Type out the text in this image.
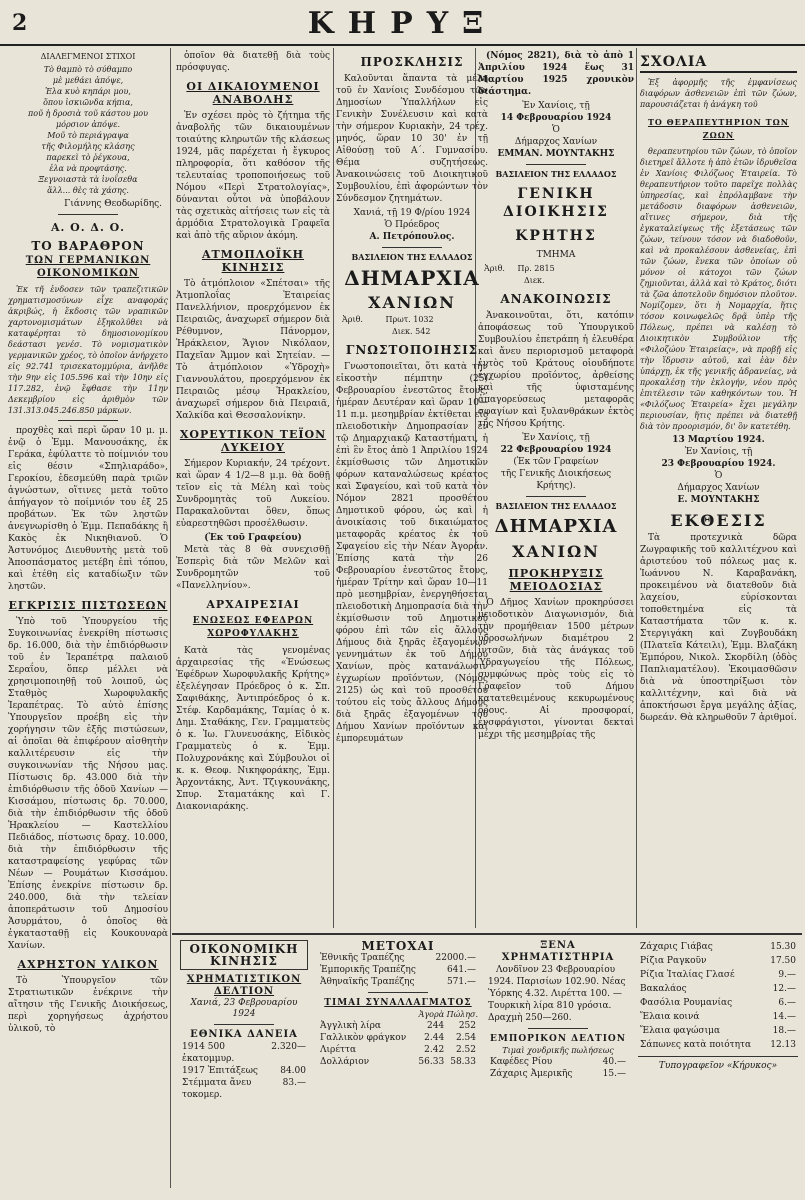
2	ΚΗΡΥΞ
ΔΙΑΛΕΓΜΕΝΟΙ ΣΤΙΧΟΙ
Τὸ θαμπὸ τὸ σύθαμπο
μὲ μεθάει ἀπόψε,
Ἐλα κυὸ κηπάρι μου,
ὅπου ἰσκιῶνδα κήπια,
ποῦ ἡ δροσιὰ τοῦ κάστου μου
μόρσιον ἀπόψε.
Μοῦ τὸ περιάγραψα
τῆς Φιλομήλης κλάσης
παρεκεὶ τὸ ῥέγκουα,
ἐλα νὰ προφτάσης.
Ξεγνοιαστὰ τὰ ἰνοΐσεθα
ἅλλ... θὲς τὰ χάσης.
Γιάννης Θεοδωρίδης.
Α. Ο. Δ. Ο.
ΤΟ ΒΑΡΑΘΡΟΝ
ΤΩΝ ΓΕΡΜΑΝΙΚΩΝ ΟΙΚΟΝΟΜΙΚΩΝ

Ἐκ τῆ ἐνδοσεν τῶν τραπεζιτικῶν χρηματισμοσύνων εἶχε αναφοράς ἀκριβώς, ἡ ἔκδοσις τῶν νραπικῶν χαρτονομισμάτων ἐξηκολῦθει νὰ καταφέρηται τὸ δημοσιονομίκου δεάστασι γενέσ. Τὸ νομισματικὸν γερμανικῶν χρέος, τὸ ὁποῖον ἀνήρχετο εἰς 92.741 τρισεκατομμύρια, ἀνῆλθε τὴν 9ην εἰς 105.596 καὶ τὴν 10ην εἰς 117.282, ἐνῷ ἔφθασε τὴν 11ην Δεκεμβρίου εἰς ἀριθμὸν τῶν 131.313.045.246.850 μάρκων.

προχθὲς καὶ περὶ ὥραν 10 μ. μ. ἐνῷ ὁ Ἐμμ. Μανουσάκης, ἐκ Γεράκα, ἐφύλαττε τὸ ποίμνιόν του εἰς θέσιν «Σπηλιαράδο», Γεροκίου, ἐδεσμεύθη παρὰ τριῶν ἀγνώστων, οἵτινες μετὰ τοῦτο ἀπήγαγον τὸ ποίμνιόν του ἐξ 25 προβάτων. Ἐκ τῶν ληστῶν ἀνεγνωρίσθη ὁ Ἐμμ. Πεπαδάκης ἢ Κακὸς ἐκ Νικηθιανοῦ. Ὁ Ἀστυνόμος Διευθυντὴς μετὰ τοῦ Ἀποσπάσματος μετέβη ἐπὶ τόπου, καὶ ἐτέθη εἰς καταδίωξιν τῶν ληστῶν.

ΕΓΚΡΙΣΙΣ ΠΙΣΤΩΣΕΩΝ

Ὑπὸ τοῦ Ὑπουργείου τῆς Συγκοινωνίας ἐνεκρίθη πίστωσις δρ. 16.000, διὰ τὴν ἐπιδιόρθωσιν τοῦ ἐν Ἱεραπέτρᾳ παλαιοῦ Σεραΐου, ὅπερ μέλλει νὰ χρησιμοποιηθῇ τοῦ λοιποῦ, ὡς Σταθμὸς Χωροφυλακῆς Ἱεραπέτρας. Τὸ αὐτὸ ἐπίσης Ὑπουργεῖον προέβη εἰς τὴν χορήγησιν τῶν ἑξῆς πιστώσεων, αἱ ὁποῖαι θὰ ἐπιφέρουν αἰσθητὴν καλλιτέρευσιν εἰς τὴν συγκοινωνίαν τῆς Νήσου μας. Πίστωσις δρ. 43.000 διὰ τὴν ἐπιδιόρθωσιν τῆς ὁδοῦ Χανίων — Κισσάμου, πίστωσις δρ. 70.000, διὰ τὴν ἐπιδιόρθωσιν τῆς ὁδοῦ Ἡρακλείου — Καστελλίου Πεδιάδος, πίστωσις δραχ. 10.000, διὰ τὴν ἐπιδιόρθωσιν τῆς καταστραφείσης γεφύρας τῶν Νέων — Ρουμάτων Κισσάμου. Ἐπίσης ἐνεκρίνε πίστωσιν δρ. 240.000, διὰ τὴν τελείαν ἀποπεράτωσιν τοῦ Δημοσίου Ἀσυρμάτου, ὁ ὁποῖος θὰ ἐγκατασταθῇ εἰς Κουκουναρὰ Χανίων.

ΑΧΡΗΣΤΟΝ ΥΛΙΚΟΝ

Τὸ Ὑπουργεῖον τῶν Στρατιωτικῶν ἐνέκρινε τὴν αἴτησιν τῆς Γενικῆς Διοικήσεως, περὶ χορηγήσεως ἀχρήστου ὑλικοῦ, τὸ

ὁποῖον θὰ διατεθῇ διὰ τοὺς πρόσφυγας.

ΟΙ ΔΙΚΑΙΟΥΜΕΝΟΙ ΑΝΑΒΟΛΗΣ

Ἐν σχέσει πρὸς τὸ ζήτημα τῆς ἀναβολῆς τῶν δικαιουμένων τοιαύτης κληρωτῶν τῆς κλάσεως 1924, μᾶς παρέχεται ἡ ἔγκυρος πληροφορία, ὅτι καθόσον τῆς τελευταίας τροποποιήσεως τοῦ Νόμου «Περὶ Στρατολογίας», δύνανται οὗτοι νὰ ὑποβάλουν τὰς σχετικὰς αἰτήσεις των εἰς τὰ ἁρμόδια Στρατολογικὰ Γραφεῖα καὶ ἀπὸ τῆς αὔριον ἀκόμη.

ΑΤΜΟΠΛΟΪΚΗ ΚΙΝΗΣΙΣ

Τὸ ἀτμόπλοιον «Σπέτσαι» τῆς Ἀτμοπλοΐας Ἑταιρείας Πανελλήνιον, προερχόμενον ἐκ Πειραιῶς, ἀναχωρεῖ σήμερον διὰ Ρέθυμνον, Πάνορμον, Ἡράκλειον, Ἅγιον Νικόλαον, Παχεῖαν Ἄμμον καὶ Σητείαν. — Τὸ ἀτμόπλοιον «Ὑδροχὴ» Γιαννουλάτου, προερχόμενον ἐκ Πειραιῶς μέσῳ Ἡρακλείου, ἀναχωρεῖ σήμερον διὰ Πειραιᾶ, Χαλκίδα καὶ Θεσσαλονίκην.

ΧΟΡΕΥΤΙΚΟΝ ΤΕΪΟΝ ΛΥΚΕΙΟΥ

Σήμερον Κυριακήν, 24 τρέχοντ. καὶ ὥραν 4 1/2—8 μ.μ. θὰ δοθῇ τεῖον εἰς τὰ Μέλη καὶ τοὺς Συνδρομητὰς τοῦ Λυκείου. Παρακαλοῦνται ὅθεν, ὅπως εὐαρεστηθῶσι προσέλθωσιν.

(Ἐκ τοῦ Γραφείου)

Μετὰ τὰς 8 θὰ συνεχισθῇ Ἐσπερὶς διὰ τῶν Μελῶν καὶ Συνδρομητῶν τοῦ «Πανελληνίου».

ΑΡΧΑΙΡΕΣΙΑΙ
ΕΝΩΣΕΩΣ ΕΦΕΔΡΩΝ ΧΩΡΟΦΥΛΑΚΗΣ

Κατὰ τὰς γενομένας ἀρχαιρεσίας τῆς «Ἑνώσεως Ἐφέδρων Χωροφυλακῆς Κρήτης» ἐξελέγησαν Πρόεδρος ὁ κ. Σπ. Σαφιθάκης, Ἀντιπρόεδρος ὁ κ. Στέφ. Καρδαμάκης, Ταμίας ὁ κ. Δημ. Σταθάκης, Γεν. Γραμματεὺς ὁ κ. Ἰω. Γλυνευσάκης, Εἰδικὸς Γραμματεὺς ὁ κ. Ἐμμ. Πολυχρονάκης καὶ Σύμβουλοι οἱ κ. κ. Θεοφ. Νικηφοράκης, Ἐμμ. Ἀρχοντάκης, Ἀντ. Τζιγκουνάκης, Σπυρ. Σταματάκης καὶ Γ. Διακονιαράκης.

ΠΡΟΣΚΛΗΣΙΣ

Καλοῦνται ἅπαντα τὰ μέλη τοῦ ἐν Χανίοις Συνδέσμου τῶν Δημοσίων Ὑπαλλήλων εἰς Γενικὴν Συνέλευσιν καὶ κατὰ τὴν σήμερον Κυριακὴν, 24 τρέχ. μηνός, ὥραν 10 30' ἐν τῇ Αἰθούσῃ τοῦ Α΄. Γυμνασίου. Θέμα συζητήσεως. Ἀνακοινώσεις τοῦ Διοικητικοῦ Συμβουλίου, ἐπὶ ἀφορώντων τὸν Σύνδεσμον ζητημάτων.

Χανιά, τῇ 19 Φ/ρίου 1924
Ὁ Πρόεδρος
Α. Πετρόπουλος.
ΒΑΣΙΛΕΙΟΝ ΤΗΣ ΕΛΛΑΔΟΣ
ΔΗΜΑΡΧΙΑ
ΧΑΝΙΩΝ
Ἀριθ.	Πρωτ. 1032
Διεκ. 542
ΓΝΩΣΤΟΠΟΙΗΣΙΣ

Γνωστοποιεῖται, ὅτι κατὰ τὴν εἰκοστὴν πέμπτην (25) Φεβρουαρίου ἐνεστῶτος ἔτους, ἡμέραν Δευτέραν καὶ ὥραν 10—11 π.μ. μεσημβρίαν ἐκτίθεται εἰς πλειοδοτικὴν Δημοπρασίαν ἐν τῷ Δημαρχιακῷ Καταστήματι, ἡ ἐπὶ ἓν ἔτος ἀπὸ 1 Ἀπριλίου 1924 ἐκμίσθωσις τῶν Δημοτικῶν φόρων καταναλώσεως κρέατος καὶ Σφαγείου, καὶ τοῦ κατὰ τὸν Νόμον 2821 προσθέτου Δημοτικοῦ φόρου, ὡς καὶ ἡ ἀνοικίασις τοῦ δικαιώματος μεταφορᾶς κρέατος ἐκ τοῦ Σφαγείου εἰς τὴν Νέαν Ἀγοράν. Ἐπίσης κατὰ τὴν 26 Φεβρουαρίου ἐνεστῶτος ἔτους, ἡμέραν Τρίτην καὶ ὥραν 10—11 πρὸ μεσημβρίαν, ἐνεργηθήσεται πλειοδοτικὴ Δημοπρασία διὰ τὴν ἐκμίσθωσιν τοῦ Δημοτικοῦ φόρου ἐπὶ τῶν εἰς ἄλλους Δήμους διὰ ξηρᾶς ἐξαγομένων γεννημάτων ἐκ τοῦ Δήμου Χανίων, πρὸς κατανάλωσιν ἐγχωρίων προϊόντων, (Νόμος 2125) ὡς καὶ τοῦ προσθέτου τούτου εἰς τοὺς ἄλλους Δήμους διὰ ξηρᾶς ἐξαγομένων τοῦ Δήμου Χανίων προϊόντων καὶ ἐμπορευμάτων

(Νόμος 2821), διὰ τὸ ἀπὸ 1 Ἀπριλίου 1924 ἕως 31 Μαρτίου 1925 χρονικὸν διάστημα.

Ἐν Χανίοις, τῇ
14 Φεβρουαρίου 1924
Ὁ
Δήμαρχος Χανίων
ΕΜΜΑΝ. ΜΟΥΝΤΑΚΗΣ
ΒΑΣΙΛΕΙΟΝ ΤΗΣ ΕΛΛΑΔΟΣ
ΓΕΝΙΚΗ ΔΙΟΙΚΗΣΙΣ
ΚΡΗΤΗΣ
ΤΜΗΜΑ
Ἀριθ. Πρ. 2815
Διεκ.
ΑΝΑΚΟΙΝΩΣΙΣ

Ἀνακοινοῦται, ὅτι, κατόπιν ἀποφάσεως τοῦ Ὑπουργικοῦ Συμβουλίου ἐπετράπη ἡ ἐλευθέρα καὶ ἄνευ περιορισμοῦ μεταφορὰ ἐντὸς τοῦ Κράτους οἱουδήποτε ἐγχωρίου προϊόντος, ἀρθείσης καὶ τῆς ὑφισταμένης ἀπαγορεύσεως μεταφορᾶς σφαγίων καὶ ξυλανθράκων ἐκτὸς τῆς Νήσου Κρήτης.

Ἐν Χανίοις, τῇ
22 Φεβρουαρίου 1924
(Ἐκ τῶν Γραφείων
τῆς Γενικῆς Διοικήσεως
Κρήτης).
ΒΑΣΙΛΕΙΟΝ ΤΗΣ ΕΛΛΑΔΟΣ
ΔΗΜΑΡΧΙΑ
ΧΑΝΙΩΝ
ΠΡΟΚΗΡΥΞΙΣ ΜΕΙΟΔΟΣΙΑΣ

Ὁ Δῆμος Χανίων προκηρύσσει μειοδοτικὸν Διαγωνισμόν, διὰ τὴν προμήθειαν 1500 μέτρων ὑδροσωλήνων διαμέτρου 2 ἰντσῶν, διὰ τὰς ἀνάγκας τοῦ Ὑδραγωγείου τῆς Πόλεως, συμφώνως πρὸς τοὺς εἰς τὸ Γραφεῖον τοῦ Δήμου κατατεθειμένους κεκυρωμένους ὅρους. Αἱ προσφοραί, ἐνσφράγιστοι, γίνονται δεκταὶ μέχρι τῆς μεσημβρίας τῆς

ΣΧΟΛΙΑ

Ἐξ ἀφορμῆς τῆς ἐμφανίσεως διαφόρων ἀσθενειῶν ἐπὶ τῶν ζώων, παρουσιάζεται ἡ ἀνάγκη τοῦ

ΤΟ ΘΕΡΑΠΕΥΤΗΡΙΟΝ ΤΩΝ ΖΩΩΝ

θεραπευτηρίου τῶν ζώων, τὸ ὁποῖον διετηρεῖ ἄλλοτε ἡ ἀπὸ ἐτῶν ἱδρυθεῖσα ἐν Χανίοις Φιλόζωος Ἑταιρεία. Τὸ θεραπευτήριον τοῦτο παρεῖχε πολλὰς ὑπηρεσίας, καὶ ἐπρόλαμβανε τὴν μετάδοσιν διαφόρων ἀσθενειῶν, αἵτινες σήμερον, διὰ τῆς ἐγκαταλείψεως τῆς ἐξετάσεως τῶν ζώων, τείνουν τόσον νὰ διαδοθοῦν, καὶ νὰ προκαλέσουν ἀσθενείας, ἐπὶ τῶν ζώων, ἕνεκα τῶν ὁποίων οὐ μόνον οἱ κάτοχοι τῶν ζώων ζημιοῦνται, ἀλλὰ καὶ τὸ Κράτος, διότι τὰ ζῶα ἀποτελοῦν δημόσιον πλοῦτον. Νομίζομεν, ὅτι ἡ Νομαρχία, ἥτις τόσον κοινωφελῶς δρᾷ ὑπὲρ τῆς Πόλεως, πρέπει νὰ καλέσῃ τὸ Διοικητικὸν Συμβούλιον τῆς «Φιλοζώου Ἑταιρείας», νὰ προβῇ εἰς τὴν ἵδρυσιν αὐτοῦ, καὶ ἐὰν δὲν ὑπάρχῃ, ἐκ τῆς γενικῆς ἀδρανείας, νὰ προκαλέσῃ τὴν ἐκλογήν, νέου πρὸς ἐπιτέλεσιν τῶν καθηκόντων του. Ἡ «Φιλόζωος Ἑταιρεία» ἔχει μεγάλην περιουσίαν, ἥτις πρέπει νὰ διατεθῇ διὰ τὸν προορισμόν, δι' ὃν κατετέθη.

13 Μαρτίου 1924.
Ἐν Χανίοις, τῇ
23 Φεβρουαρίου 1924.
Ὁ
Δήμαρχος Χανίων
Ε. ΜΟΥΝΤΑΚΗΣ
ΕΚΘΕΣΙΣ

Τὰ προτεχνικὰ δῶρα Ζωγραφικῆς τοῦ καλλιτέχνου καὶ ἀριστεύου τοῦ πόλεως μας κ. Ἰωάννου Ν. Καραβανάκη, προκειμένου νὰ διατεθοῦν διὰ λαχείου, εὑρίσκονται τοποθετημένα εἰς τὰ Καταστήματα τῶν κ. κ. Στεργιγάκη καὶ Ζυγβουδάκη (Πλατεῖα Κάτειλι), Ἐμμ. Βλαζάκη Ἐμπόρου, Νικολ. Σκορδίλη (ὁδὸς Παπλιαματέλου). Ἐκοιμασθῶσιν διὰ νὰ ὑποστηρίξωσι τὸν καλλιτέχνην, καὶ διὰ νὰ ἀποκτήσωσι ἔργα μεγάλης ἀξίας, δωρεάν. Θὰ κληρωθοῦν 7 ἀριθμοί.

ΟΙΚΟΝΟΜΙΚΗ ΚΙΝΗΣΙΣ
ΧΡΗΜΑΤΙΣΤΙΚΟΝ ΔΕΛΤΙΟΝ
Χανιά, 23 Φεβρουαρίου 1924
ΕΘΝΙΚΑ ΔΑΝΕΙΑ
1914 500 ἑκατομμυρ.	2.320—
1917 Ἐπιτάξεως	84.00
Στέμματα ἄνευ τοκομερ.	83.—
ΜΕΤΟΧΑΙ
Ἐθνικῆς Τραπέζης	22000.—
Ἐμπορικῆς Τραπέζης	641.—
Ἀθηναϊκῆς Τραπέζης	571.—
ΤΙΜΑΙ ΣΥΝΑΛΛΑΓΜΑΤΟΣ
Ἀγορὰ Πώλησ.
Ἀγγλικὴ λίρα	244	252
Γαλλικὸν φράγκον	2.44	2.54
Λιρέττα	2.42	2.52
Δολλάριον	56.33	58.33
ΞΕΝΑ ΧΡΗΜΑΤΙΣΤΗΡΙΑ

Λονδῖνον 23 Φεβρουαρίου 1924. Παρισίων 102.90. Νέας Ὑόρκης 4.32. Λιρέττα 100. — Τουρκικὴ λίρα 810 γρόσια. Δραχμὴ 250—260.

ΕΜΠΟΡΙΚΟΝ ΔΕΛΤΙΟΝ
Τιμαὶ χονδρικῆς πωλήσεως
Καφέδες Ρίου	40.—
Ζάχαρις Ἀμερικῆς	15.—
Ζάχαρις Γιάβας	15.30
Ρίζια Ραγκοῦν	17.50
Ρίζια Ἰταλίας Γλασέ	9.—
Βακαλάος	12.—
Φασόλια Ρουμανίας	6.—
Ἔλαια κοινά	14.—
Ἔλαια φαγώσιμα	18.—
Σάπωνες κατὰ ποιότητα	12.13
Τυπογραφεῖον «Κήρυκος»
